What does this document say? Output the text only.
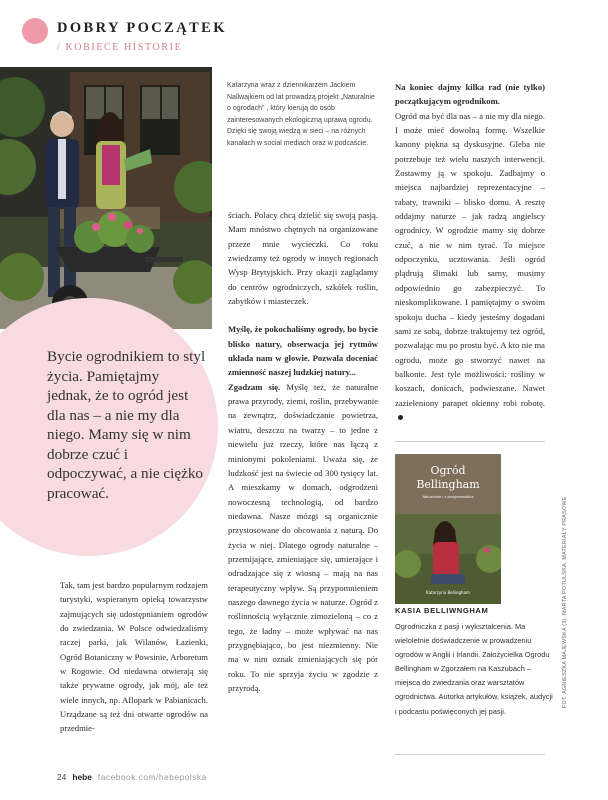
DOBRY POCZĄTEK
/ KOBIECE HISTORIE
Bycie ogrodnikiem to styl życia. Pamiętajmy jednak, że to ogród jest dla nas – a nie my dla niego. Mamy się w nim dobrze czuć i odpoczywać, a nie ciężko pracować.
Katarzyna wraz z dziennikarzem Jackiem Nallwajkiem od lat prowadzą projekt „Naturalnie o ogrodach" , który kierują do osób zainteresowanych ekologiczną uprawą ogrodu. Dzięki się swoją wiedzą w sieci – na różnych kanałach w social mediach oraz w podcaście.

Tak, tam jest bardzo popularnym rodzajem turystyki, wspieranym opieką towarzystw zajmujących się udostępnianiem ogrodów do zwiedzania. W Polsce odwiedzaliśmy raczej parki, jak Wilanów, Łazienki, Ogród Botaniczny w Powsinie, Arboretum w Rogowie. Od niedawna otwierają się także prywatne ogrody, jak mój, ale też wiele innych, np. Aflopark w Pabianicach. Urządzane są też dni otwarte ogrodów na przedmie-

ściach. Polacy chcą dzielić się swoją pasją. Mam mnóstwo chętnych na organizowane przeze mnie wycieczki. Co roku zwiedzamy też ogrody w innych regionach Wysp Brytyjskich. Przy okazji zaglądamy do centrów ogrodniczych, szkółek roślin, zabytków i miasteczek.

Myślę, że pokochaliśmy ogrody, bo bycie blisko natury, obserwacja jej rytmów układa nam w głowie. Pozwala doceniać zmienność naszej ludzkiej natury...

Zgadzam się. Myślę też, że naturalne prawa przyrody, ziemi, roślin, przebywanie na zewnątrz, doświadczanie powietrza, wiatru, deszczu na twarzy – to jedne z niewielu już rzeczy, które nas łączą z minionymi pokoleniami. Uważa się, że ludzkość jest na świecie od 300 tysięcy lat. A mieszkamy w domach, odgrodzeni nowoczesną technologią, od bardzo niedawna. Nasze mózgi są organicznie przystosowane do obcowania z naturą. Do życia w niej. Dlatego ogrody naturalne – przemijające, zmieniające się, umierające i odradzające się z wiosną – mają na nas terapeutyczny wpływ. Są przypomnieniem naszego dawnego życia w naturze. Ogród z roślinnością wyłącznie zimozieloną – co z tego, że ładny – może wpływać na nas przygnębiająco, bo jest niezmienny. Nie ma w nim oznak zmieniających się pór roku. To nie sprzyja życiu w zgodzie z przyrodą.

Na koniec dajmy kilka rad (nie tylko) początkującym ogrodnikom.

Ogród ma być dla nas – a nie my dla niego. I może mieć dowolną formę. Wszelkie kanony piękna są dyskusyjne. Gleba nie potrzebuje też wielu naszych interwencji. Zostawmy ją w spokoju. Zadbajmy o miejsca najbardziej reprezentacyjne – rabaty, trawniki – blisko domu. A resztę oddajmy naturze – jak radzą angielscy ogrodnicy. W ogrodzie mamy się dobrze czuć, a nie w nim tyrać. To miejsce odpoczynku, ucztowania. Jeśli ogród plądrują ślimaki lub sarny, musimy odpowiednio go zabezpieczyć. To nieskomplikowane. I pamiętajmy o swoim spokoju ducha – kiedy jesteśmy dogadani sami ze sobą, dobrze traktujemy też ogród, pozwalając mu po prostu być. A kto nie ma ogrodu, może go stworzyć nawet na balkonie. Jest tyle możliwości: rośliny w koszach, donicach, podwieszane. Nawet zazieleniony parapet okienny robi robotę.

Ogród
Bellingham
Naturalnie i z przyjemnością
Katarzyna Bellingham
KASIA BELLIWNGHAM
Ogrodniczka z pasji i wykształcenia. Ma wieloletnie doświadczenie w prowadzeniu ogrodów w Anglii i Irlandii. Założycielka Ogrodu Bellingham w Zgorzałem na Kaszubach – miejsca do zwiedzania oraz warsztatów ogrodnictwa. Autorka artykułów, książek, audycji i podcastu poświęconych jej pasji.
FOT. AGNIESZKA MAJEWSKA (3), MARTA POTULSKA, MATERIAŁY PRASOWE
24 hebe facebook.com/hebepolska
